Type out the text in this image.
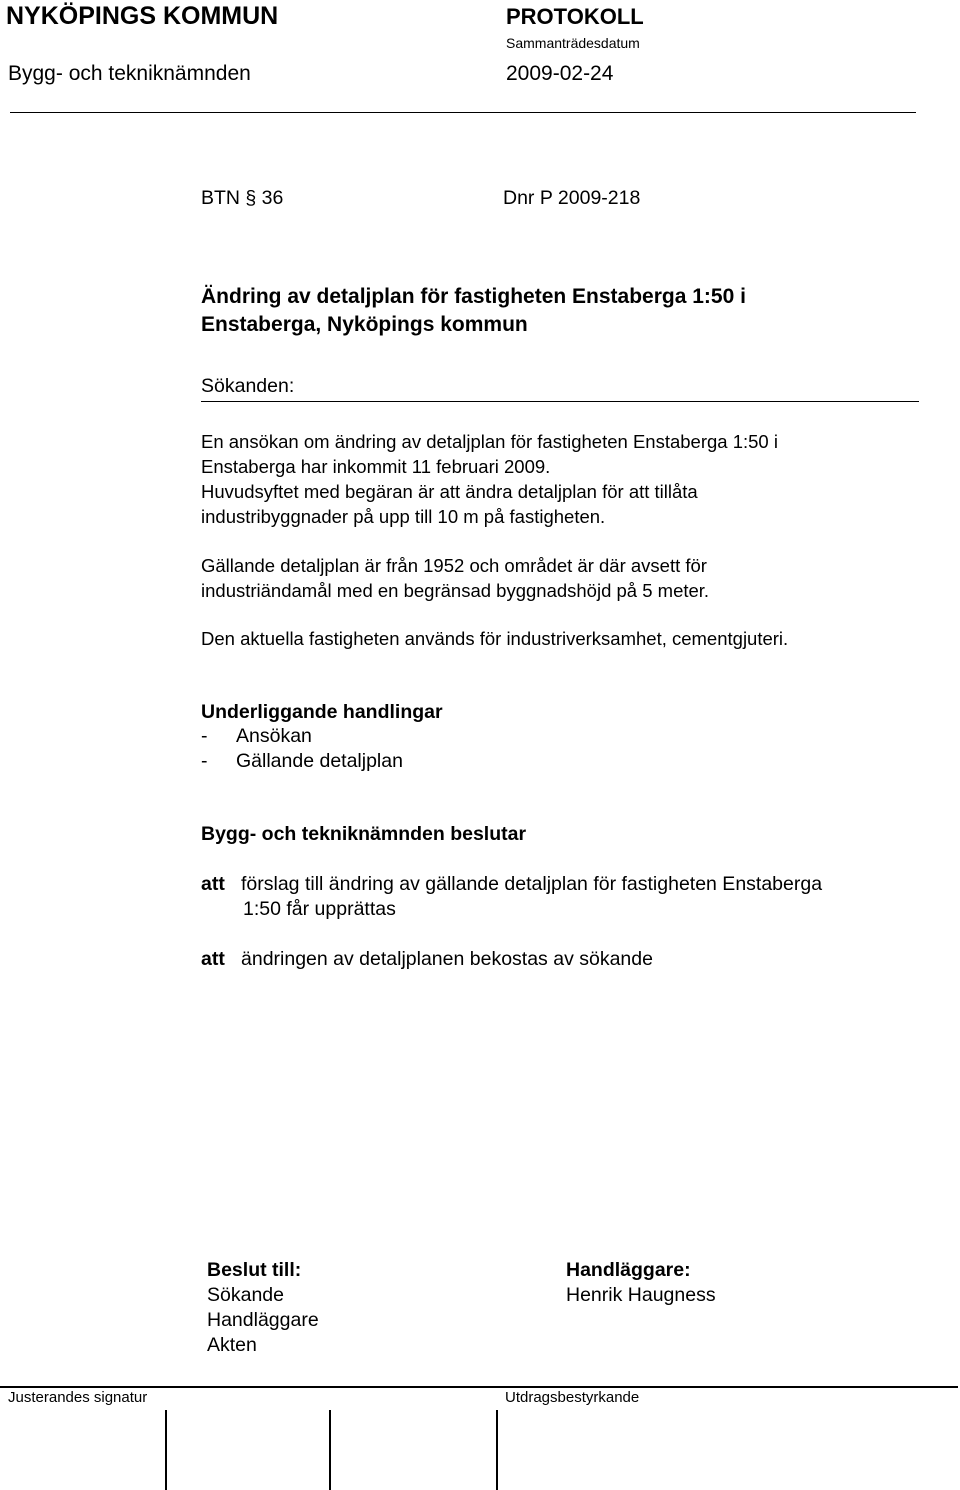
NYKÖPINGS KOMMUN
Bygg- och tekniknämnden
PROTOKOLL
Sammanträdesdatum
2009-02-24
BTN § 36	Dnr P 2009-218
Ändring av detaljplan för fastigheten Enstaberga 1:50 i
Enstaberga, Nyköpings kommun
Sökanden:
En ansökan om ändring av detaljplan för fastigheten Enstaberga 1:50 i
Enstaberga har inkommit 11 februari 2009.
Huvudsyftet med begäran är att ändra detaljplan för att tillåta
industribyggnader på upp till 10 m på fastigheten.
Gällande detaljplan är från 1952 och området är där avsett för
industriändamål med en begränsad byggnadshöjd på 5 meter.
Den aktuella fastigheten används för industriverksamhet, cementgjuteri.
Underliggande handlingar
- Ansökan
- Gällande detaljplan
Bygg- och tekniknämnden beslutar
att förslag till ändring av gällande detaljplan för fastigheten Enstaberga
1:50 får upprättas
att ändringen av detaljplanen bekostas av sökande
Beslut till:
Sökande
Handläggare
Akten
Handläggare:
Henrik Haugness
Justerandes signatur	Utdragsbestyrkande
